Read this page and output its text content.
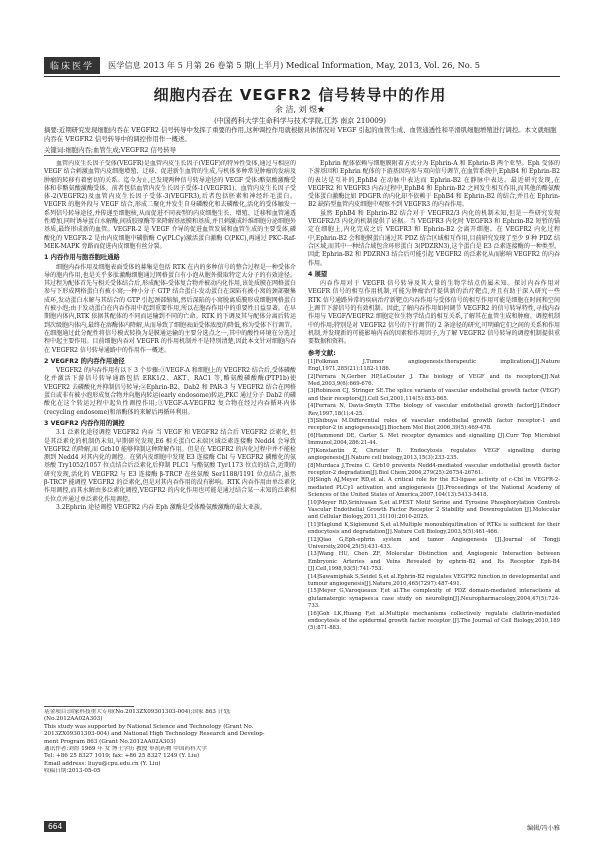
临床医学	医学信息 2013 年 5 月第 26 卷第 5 期(上半月) Medical Information, May, 2013, Vol. 26, No. 5
细胞内吞在 VEGFR2 信号转导中的作用
余 洁, 刘 煜★
(中国药科大学生命科学与技术学院,江苏 南京 210009)
摘要:近期研究发现细胞内吞在 VEGFR2 信号转导中发挥了重要的作用,这种调控作用就根据具体情况对 VEGF 引起的血管生成、血管通透性和平滑肌细胞增殖进行调控。本文就细胞内吞在 VEGFR2 信号转导中的调控作用作一概述。
关键词:细胞内吞;血管生成;VEGFR2 信号转导

血管内皮生长因子受体(VEGFR)是血管内皮生长因子(VEGF)的特异性受体,通过与相应的 VEGF 结合刺激血管内皮细胞增殖、迁移、促进新生血管的生成,与机体多种常见肿瘤的发病及肿瘤的转移有着密切的关系。迄今为止,已发现两种信号转导途径的 VEGF 受体:酪氨酸激酶受体和非酪氨酸激酶受体。前者包括血管内皮生长因子受体-1(VEGFR1)、血管内皮生长因子受体-2(VEGFR2)及血管内皮生长因子受体-3(VEGFR3),后者包括胚素和神经纤毛蛋白。VEGFR 的胞外段与 VEGF 结合,形成二聚化并发生自身磷酸化和去磷酸化,活化的受体触发一系列信号转导途径,并传递至细胞核,从而促进不同表型的内皮细胞生长、增殖、迁移和血管通透性增加,同时诱导蛋白水解酶,间质胶原酶等来降解基底膜和基质,并且刺激成纤维细胞分泌细胞外基质,最终形成新的血管。VEGFR-2 是 VEGF 介导的促进血管发展和血管生成的主要受体,磷酸化的 VEGFR-2 是由内皮细胞中磷脂酶 Cγ(PLCγ)激活蛋白激酶 C(PKC),再通过 PKC-Raf-MEK-MAPK 旁路而促进内皮细胞有丝分裂。

1 内吞作用与胞吞胞吐通路

细胞内吞作用及细胞表面受体的募集是包括 RTK 在内的多种信号的整合过程是一种受体介导的胞内作用,也是关乎多肽激酶细胞通过网格蛋白有小泡从胞外摄取特定大分子的有效途径。其过程为配体首先与相关受体结合后,形成配体-受体复合物并被动内化作用,该处质膜在网格蛋白参与下形成网格蛋白有被小窝;一种小分子 GTP 结合蛋白-发动蛋白在深陷有被小窝的颈部聚集成环,发动蛋白水解与其结合的 GTP 引起颈部缩缩,然后深陷的小窝脱离质膜形成细胞网格蛋白有被小泡;由于发动蛋白在内吞作用中起到重要作用,所以在胞吞作用中的重要性日益显著。在早期胞内体内,RTK 依据其配体的不同而运输到不同的亡命。RTK 的下调及其与配体分离后转运到次级胞内体内,最终在溶酶体内降解,从而导致了细胞表面受体浓度的降低,称为受体下行调节。在细胞通过此分配性将信号模式转换为是膜通运输的主要分选点之一,其中的酸性环境在分选过程中起主要作用。目前细胞内吞对 VEGFR 的作用机制并不是特别清楚,因此本文针对细胞内吞在 VEGFR2 信号转导通路中的作用作一概述。

2 VEGFR2 的内吞作用途径

VEGFR2 的内吞作用有以下 3 个步骤:①VEGF-A 和细胞上的 VEGFR2 结合后,受体磷酸化并激活下游信号转导通路包括 ERK1/2、AKT、RAC1 等,酪氨酸磷酸酶(PTP1b)使 VEGFR2 去磷酸化并抑制信号转导;②Ephrin-B2、Dab2 和 PAR-3 与 VEGFR2 结合在网格蛋白或非有被小泡形成复合物并向胞内转运(early endosome)转运,PKC 通过分子 Dab2 的磷酸化在这个转运过程中起负性调控作用;③VEGF-A-VEGFR2 复合物在经过内吞循环内体(recycling endosome)和溶酶体的来解后再循环利用。

3 VEGFR2 内吞作用的调控

3.1 泛素化途径调控 VEGFR2 内吞 当 VEGF 和 VEGFR2 结合后 VEGFR2 泛素化,但是其泛素化的机制仍未知,早期研究发现,E6 相关蛋白C末端区域泛素连接酶 Nedd4 会导致 VEGFR2 的降解,而 Grb10 能够抑制这种降解作用。但是在 VEGFR2 的内化过程中并不能检测到 Nedd4 对其内化的调控。在猪内皮细胞中发现 E3 连接酶 Cbl 与 VEGFR2 磷酸化的氨基酸 Try1052/1057 位点结合后泛素化后抑制 PLC1 与酪氨酸 Tyr1173 位点的结合,近期的研究发现,活化的 VEGFR2 与 E3 连接酶 β-TRCP 在丝氨酸 Ser1188/1191 位点结合,虽然 β-TRCP 能调控 VEGFR2 的泛素化,但是对其内吞作用的没有影响。RTK 内吞作用由单泛素化作用调控,而其水解由多泛素化调控,VEGFR2 的内化作用也可能是通过结合某一未知的泛素相关位点并通过单泛素化作用调控。

3.2Ephrin 途径调控 VEGFR2 内吞 Eph 激酶是受体酪氨酸激酶的最大亚族。

Ephrin 配体依赖与细胞膜附着方式分为 Ephrin-A 和 Ephrin-B 两个亚型。Eph 受体的下游基因和 Ephrin 配体的下游基因均参与双向信号调节,在血管系统中,EphB4 和 Ephrin-B2 的表达是互补的,EphB4 在动脉中表达而 Ephrin-B2 在静脉中表达。最近研究发现,在 VEGFR2 和 VEGFR3 内吞过程中,EphB4 和 Ephrin-B2 之间发生相互作用,而其他的酪氨酸受体蛋白激酶比如 PDGFR 的内化却不依赖于 EphB4 和 Ephrin-B2 的结合,并且在 Ephrin-B2 缺陷型血管内皮细胞中观察不到 VEGFR3 的内吞作用。

虽然 EphB4 和 Ephrin-B2 结合对于 VEGFR2/3 内化的机制未知,但是一些研究发现 VEGFR2/3 内化的机制提供了证据。当 VEGFR3 内化时 VEGFR3 和 Ephrin-B2 短暂的锚定在细胞上,内化完成之后 VEGFR3 和 Ephrin-B2 会离开细胞。在 VEGFR2 内化过程中,Ephrin-B2 会和胞膜蛋白通过其 PDZ 结合区域相互作用,目前研究发现了至少 9 种 PDZ 结合区域,而其中一种结合域包含环形蛋白 3(PDZRN3),这个蛋白是 E3 泛素连接酶的一种类型。因此 Ephrin-B2 和 PDZRN3 结合后可能引起 VEGFR2 的泛素化从而影响 VEGFR2 的内吞作用。

4 展望

内吞作用对于 VEGFR 信号转导及其大量的生物学结点仍属未知。探讨内吞作用对 VEGFR 信号的相互作用机制,可能为肿瘤治疗提供新的治疗靶点,并且有助于深入研究一些 RTK 信号通路异常的疾病治疗新靶点内吞作用与受体信号的相互作用可能是细胞在时间和空间上调节下游信号的有效机制。因此,了解内吞作用如何调节 VEGFR2 的信号转导特性,寻找内吞作用与 VEGF/VEGFR2 细胞定位生物学结点的相互关系,了解其在血管生成和肿瘤、调控机制中的作用;特别是对 VEGFR2 信号的下行调节的 2 条途径的研究,可明确它们之间的关系和作用机制,并发现新的可能影响内吞的因素和作用因子,为了解 VEGFR2 信号转导的调控机制提供重要数据和资料。

参考文献:
[1]Folkman J.Tumor angiogenesis:therapeutic implications[J].Nature Engl,1971,285(21):1182-1186.
[2]Ferrara N,Gerber HP,LeCouter J. The biology of VEGF and its receptors[J].Nat Med,2003,9(6):669-676.
[3]Robinson CJ, Stringer SE.The splice variants of vascular endothelial growth factor (VEGF) and their receptors[J].Cell Sci,2001,114(5):853-865.
[4]Ferrara N, Davis-Smyth T.The biology of vascular endothelial growth factor[J].Endocr Rev,1997,18(1):4-25.
[5]Shibuya M.Differential roles of vascular endothelial growth factor receptor-1 and receptor-2 in angiogenesis[J].Biochem Mol Biol,2006,39(5):469-478.
[6]Hammond DE, Carter S. Met receptor dynamics and signalling [J].Curr Top Microbiol Immunol,2004,286:21-44.
[7]Konstantin Z, Christer B. Endocytosis regulates VEGF signalling during angiogenesis[J].Nature cell biology,2013,15(3):233-235.
[8]Murdaca J,Treins C. Grb10 prevents Nedd4-mediated vascular endothelial growth factor receptor-2 degradation[J].Biol Chem,2004,279(25):26754-26761.
[9]Singh AJ,Meyer RD,et al. A critical role for the E3-ligase activity of c-Cbl in VEGFR-2-mediated PLCγ1 activation and angiogenesis [J].Proceedings of the National Academy of Sciences of the United States of America,2007,104(13):5413-5418.
[10]Meyer RD,Srinivasan S,et al.PEST Motif Serine and Tyrosine Phosphorylation Controls Vascular Endothelial Growth Factor Receptor 2 Stability and Downregulation [J].Molecular and Cellular Biology,2011,31(10):2010-2025.
[11]Haglund K,Sigismund S,et al.Multiple monoubiquitination of RTKs is sufficient for their endocytosis and degradation[J].Nature Cell Biology,2003,5(5):461-466.
[12]Qiao G,Eph-ephrin system and tumor Angiogenesis [J].Journal of Tongji University,2004,25(5):431-433.
[13]Wang HU, Chen ZF, Molecular Distinction and Angiogenic Interaction between Embryonic Arteries and Veins Revealed by ephrin-B2 and Its Receptor Eph-B4 [J].Cell,1998,93(5):741-753.
[14]Sawamiphak S,Seidel S,et al.Ephrin-B2 regulates VEGFR2 function in developmental and tumour angiogenesis[J].Nature,2010,465(7297):487-491.
[15]Meyer G,Varoqueaux F,et al.The complexity of PDZ domain-mediated interactions at glutamatergic synapses:a case study on neuroligin[J].Neuropharmacology,2004,47(5):724-733.
[16]Goh LK,Huang F,et al.Multiple mechanisms collectively regulate clathrin-mediated endocytosis of the epidermal growth factor receptor [J].The Journal of Cell Biology,2010,189 (5):871-883.
基金项目:国家科技重大专项(No.2013ZX09301303-004);国家 863 计划;
(No.2012AA02A303)
This study was supported by National Science and Technology (Grant No.
2013ZX09301303-004) and National High Technology Research and Develop-
ment Program 863 (Grant No.2012AA02A303)
通讯作者:刘煜 1969 年 女 博士学历 教授 单抗药物 中国药科大学
Tel: +86 25 8327 1019; fax: +86 25 8327 1249 (Y. Liu)
Email address: liuyu@cpu.edu.cn (Y. Liu)
收稿日期:2013-05-05
664	编辑/冯小雅
